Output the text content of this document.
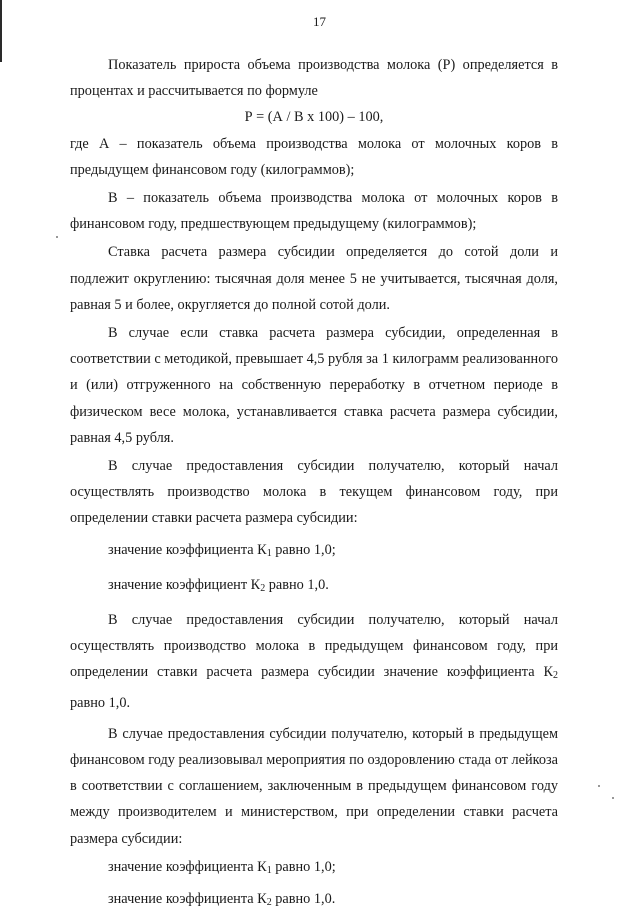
17

Показатель прироста объема производства молока (Р) определяется в процентах и рассчитывается по формуле

Р = (А / В х 100) – 100,

где А – показатель объема производства молока от молочных коров в предыдущем финансовом году (килограммов);

В – показатель объема производства молока от молочных коров в финансовом году, предшествующем предыдущему (килограммов);

Ставка расчета размера субсидии определяется до сотой доли и подлежит округлению: тысячная доля менее 5 не учитывается, тысячная доля, равная 5 и более, округляется до полной сотой доли.

В случае если ставка расчета размера субсидии, определенная в соответствии с методикой, превышает 4,5 рубля за 1 килограмм реализованного и (или) отгруженного на собственную переработку в отчетном периоде в физическом весе молока, устанавливается ставка расчета размера субсидии, равная 4,5 рубля.

В случае предоставления субсидии получателю, который начал осуществлять производство молока в текущем финансовом году, при определении ставки расчета размера субсидии:

значение коэффициента $К_1$ равно 1,0;

значение коэффициент $К_2$ равно 1,0.

В случае предоставления субсидии получателю, который начал осуществлять производство молока в предыдущем финансовом году, при определении ставки расчета размера субсидии значение коэффициента $К_2$ равно 1,0.

В случае предоставления субсидии получателю, который в предыдущем финансовом году реализовывал мероприятия по оздоровлению стада от лейкоза в соответствии с соглашением, заключенным в предыдущем финансовом году между производителем и министерством, при определении ставки расчета размера субсидии:

значение коэффициента $К_1$ равно 1,0;

значение коэффициента $К_2$ равно 1,0.
